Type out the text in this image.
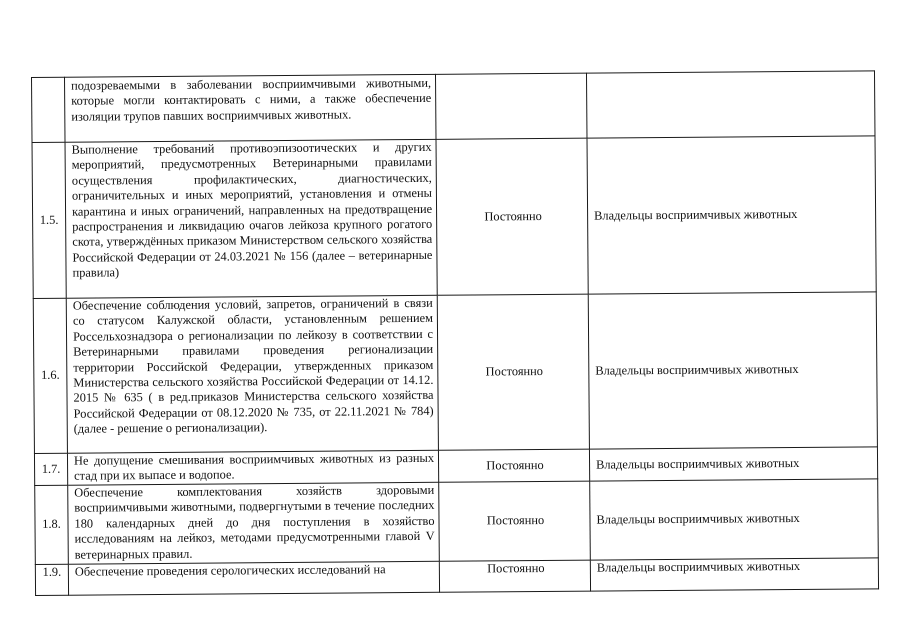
	подозреваемыми в заболевании восприимчивыми животными, которые могли контактировать с ними, а также обеспечение изоляции трупов павших восприимчивых животных.		
1.5.	Выполнение требований противоэпизоотических и других мероприятий, предусмотренных Ветеринарными правилами осуществления профилактических, диагностических, ограничительных и иных мероприятий, установления и отмены карантина и иных ограничений, направленных на предотвращение распространения и ликвидацию очагов лейкоза крупного рогатого скота, утверждённых приказом Министерством сельского хозяйства Российской Федерации от 24.03.2021 № 156 (далее – ветеринарные правила)	Постоянно	Владельцы восприимчивых животных
1.6.	Обеспечение соблюдения условий, запретов, ограничений в связи со статусом Калужской области, установленным решением Россельхознадзора о регионализации по лейкозу в соответствии с Ветеринарными правилами проведения регионализации территории Российской Федерации, утвержденных приказом Министерства сельского хозяйства Российской Федерации от 14.12. 2015 № 635 ( в ред.приказов Министерства сельского хозяйства Российской Федерации от 08.12.2020 № 735, от 22.11.2021 № 784) (далее - решение о регионализации).	Постоянно	Владельцы восприимчивых животных
1.7.	Не допущение смешивания восприимчивых животных из разных стад при их выпасе и водопое.	Постоянно	Владельцы восприимчивых животных
1.8.	Обеспечение комплектования хозяйств здоровыми восприимчивыми животными, подвергнутыми в течение последних 180 календарных дней до дня поступления в хозяйство исследованиям на лейкоз, методами предусмотренными главой V ветеринарных правил.	Постоянно	Владельцы восприимчивых животных
1.9.	Обеспечение проведения серологических исследований на	Постоянно	Владельцы восприимчивых животных
